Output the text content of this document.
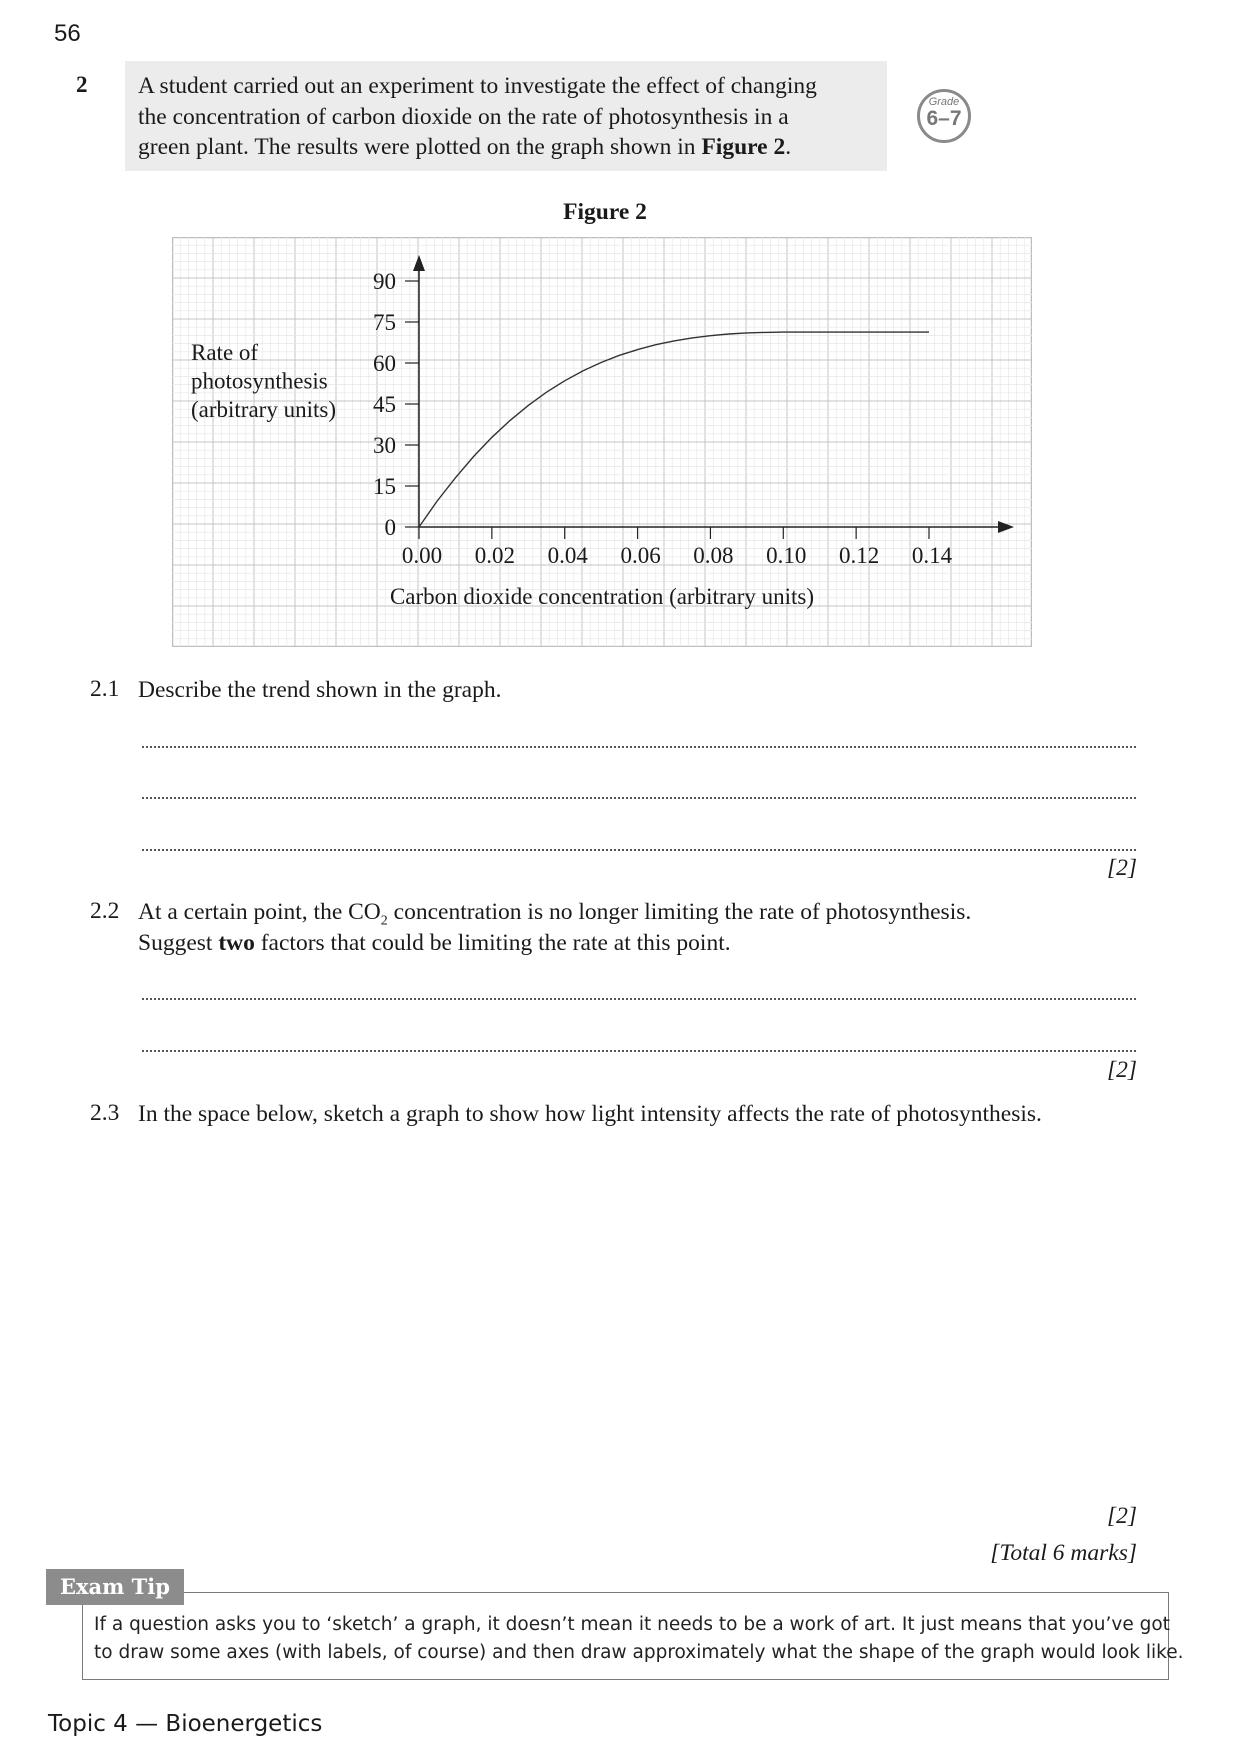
56
2 A student carried out an experiment to investigate the effect of changing
the concentration of carbon dioxide on the rate of photosynthesis in a
green plant. The results were plotted on the graph shown in Figure 2.
Grade
6–7
Figure 2
0
15
30
45
60
75
90
0.00 0.02 0.04 0.06 0.08 0.10 0.12 0.14
Rate of
photosynthesis
(arbitrary units)
Carbon dioxide concentration (arbitrary units)
2.1 Describe the trend shown in the graph.
[2]
2.2 At a certain point, the $CO_2$ concentration is no longer limiting the rate of photosynthesis.
Suggest two factors that could be limiting the rate at this point.
[2]
2.3 In the space below, sketch a graph to show how light intensity affects the rate of photosynthesis.
[2]
[Total 6 marks]
If a question asks you to ‘sketch’ a graph, it doesn’t mean it needs to be a work of art. It just means that you’ve got
to draw some axes (with labels, of course) and then draw approximately what the shape of the graph would look like.
Exam Tip
Topic 4 — Bioenergetics
